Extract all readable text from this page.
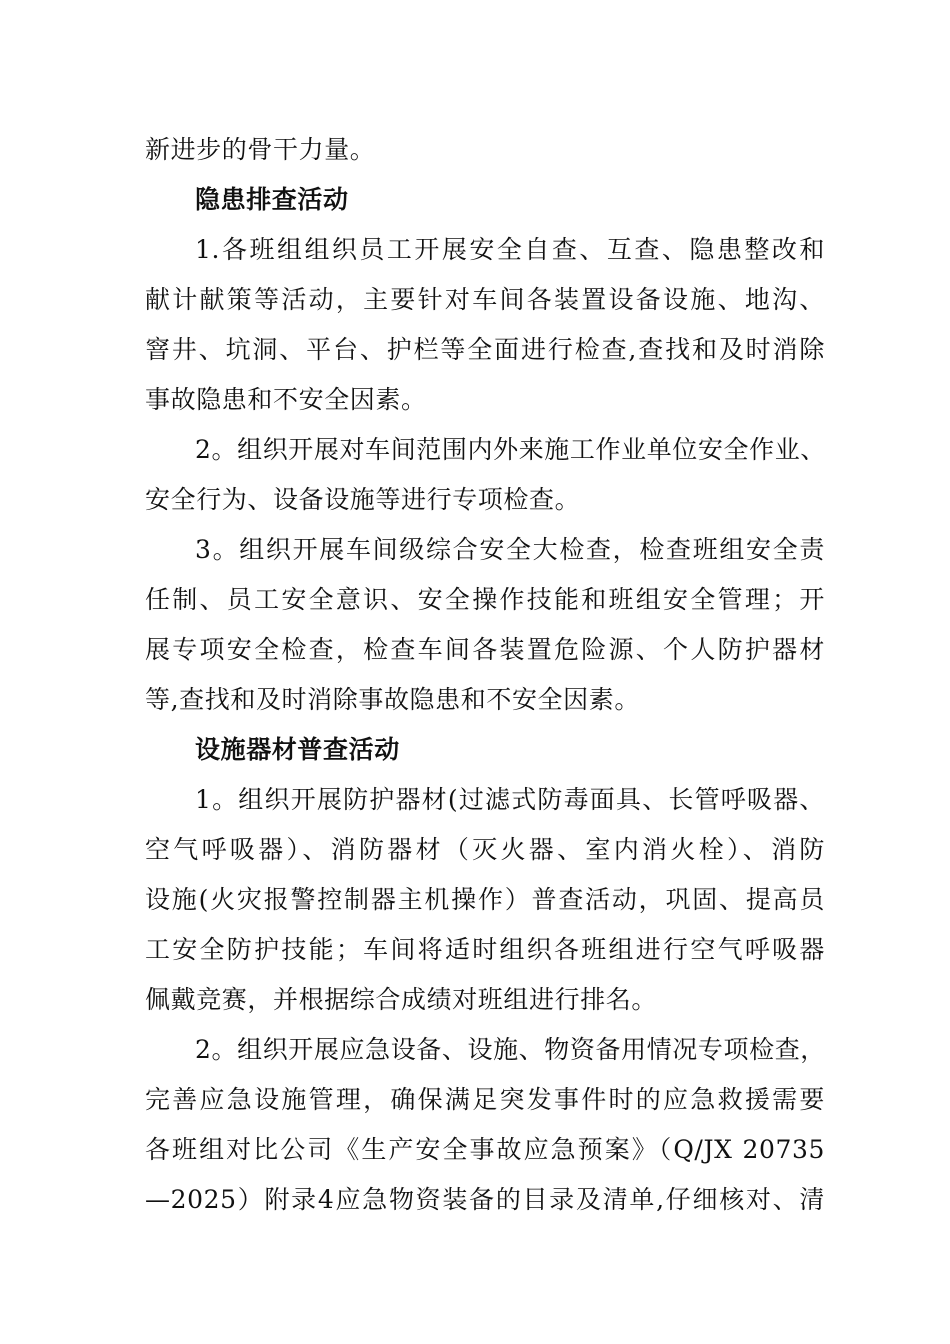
新进步的骨干力量。
隐患排查活动
1.各班组组织员工开展安全自查、互查、隐患整改和
献计献策等活动，主要针对车间各装置设备设施、地沟、
窨井、坑洞、平台、护栏等全面进行检查,查找和及时消除
事故隐患和不安全因素。
2。组织开展对车间范围内外来施工作业单位安全作业、
安全行为、设备设施等进行专项检查。
3。组织开展车间级综合安全大检查，检查班组安全责
任制、员工安全意识、安全操作技能和班组安全管理；开
展专项安全检查，检查车间各装置危险源、个人防护器材
等,查找和及时消除事故隐患和不安全因素。
设施器材普查活动
1。组织开展防护器材(过滤式防毒面具、长管呼吸器、
空气呼吸器）、消防器材（灭火器、室内消火栓）、消防
设施(火灾报警控制器主机操作）普查活动，巩固、提高员
工安全防护技能；车间将适时组织各班组进行空气呼吸器
佩戴竞赛，并根据综合成绩对班组进行排名。
2。组织开展应急设备、设施、物资备用情况专项检查，
完善应急设施管理，确保满足突发事件时的应急救援需要
各班组对比公司《生产安全事故应急预案》（Q/JX 20735
—2025）附录4应急物资装备的目录及清单,仔细核对、清
